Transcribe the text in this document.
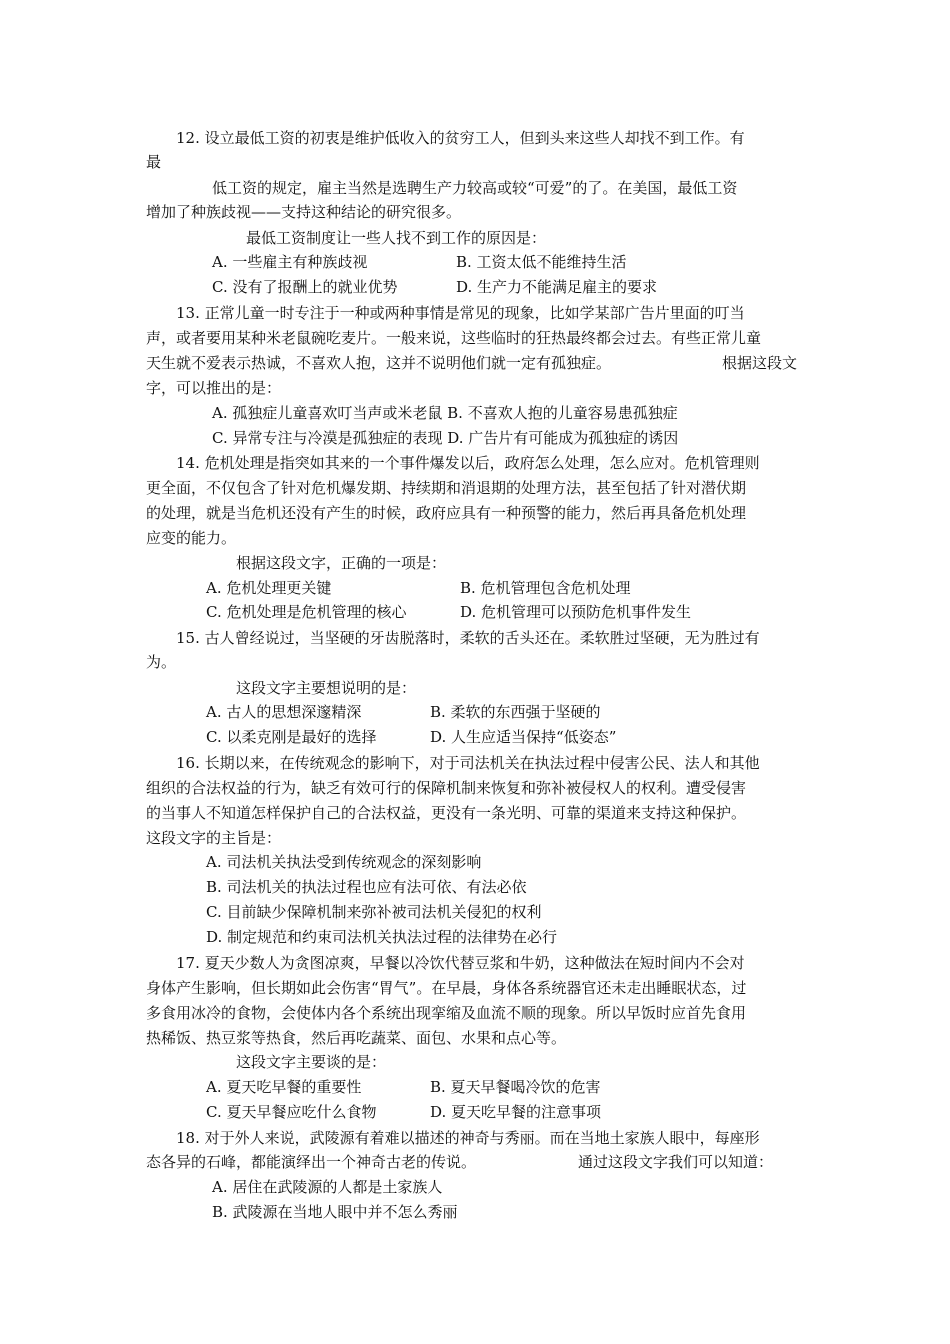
12. 设立最低工资的初衷是维护低收入的贫穷工人，但到头来这些人却找不到工作。有
最
低工资的规定，雇主当然是选聘生产力较高或较“可爱”的了。在美国，最低工资
增加了种族歧视——支持这种结论的研究很多。
最低工资制度让一些人找不到工作的原因是：
A. 一些雇主有种族歧视	B. 工资太低不能维持生活
C. 没有了报酬上的就业优势	D. 生产力不能满足雇主的要求
13. 正常儿童一时专注于一种或两种事情是常见的现象，比如学某部广告片里面的叮当
声，或者要用某种米老鼠碗吃麦片。一般来说，这些临时的狂热最终都会过去。有些正常儿童
天生就不爱表示热诚，不喜欢人抱，这并不说明他们就一定有孤独症。	根据这段文
字，可以推出的是：
A. 孤独症儿童喜欢叮当声或米老鼠 B. 不喜欢人抱的儿童容易患孤独症
C. 异常专注与冷漠是孤独症的表现 D. 广告片有可能成为孤独症的诱因
14. 危机处理是指突如其来的一个事件爆发以后，政府怎么处理，怎么应对。危机管理则
更全面，不仅包含了针对危机爆发期、持续期和消退期的处理方法，甚至包括了针对潜伏期
的处理，就是当危机还没有产生的时候，政府应具有一种预警的能力，然后再具备危机处理
应变的能力。
根据这段文字，正确的一项是：
A. 危机处理更关键	B. 危机管理包含危机处理
C. 危机处理是危机管理的核心	D. 危机管理可以预防危机事件发生
15. 古人曾经说过，当坚硬的牙齿脱落时，柔软的舌头还在。柔软胜过坚硬，无为胜过有
为。
这段文字主要想说明的是：
A. 古人的思想深邃精深	B. 柔软的东西强于坚硬的
C. 以柔克刚是最好的选择	D. 人生应适当保持“低姿态”
16. 长期以来，在传统观念的影响下，对于司法机关在执法过程中侵害公民、法人和其他
组织的合法权益的行为，缺乏有效可行的保障机制来恢复和弥补被侵权人的权利。遭受侵害
的当事人不知道怎样保护自己的合法权益，更没有一条光明、可靠的渠道来支持这种保护。
这段文字的主旨是：
A. 司法机关执法受到传统观念的深刻影响
B. 司法机关的执法过程也应有法可依、有法必依
C. 目前缺少保障机制来弥补被司法机关侵犯的权利
D. 制定规范和约束司法机关执法过程的法律势在必行
17. 夏天少数人为贪图凉爽，早餐以冷饮代替豆浆和牛奶，这种做法在短时间内不会对
身体产生影响，但长期如此会伤害“胃气”。在早晨，身体各系统器官还未走出睡眠状态，过
多食用冰冷的食物，会使体内各个系统出现挛缩及血流不顺的现象。所以早饭时应首先食用
热稀饭、热豆浆等热食，然后再吃蔬菜、面包、水果和点心等。
这段文字主要谈的是：
A. 夏天吃早餐的重要性	B. 夏天早餐喝冷饮的危害
C. 夏天早餐应吃什么食物	D. 夏天吃早餐的注意事项
18. 对于外人来说，武陵源有着难以描述的神奇与秀丽。而在当地土家族人眼中，每座形
态各异的石峰，都能演绎出一个神奇古老的传说。	通过这段文字我们可以知道：
A. 居住在武陵源的人都是土家族人
B. 武陵源在当地人眼中并不怎么秀丽
